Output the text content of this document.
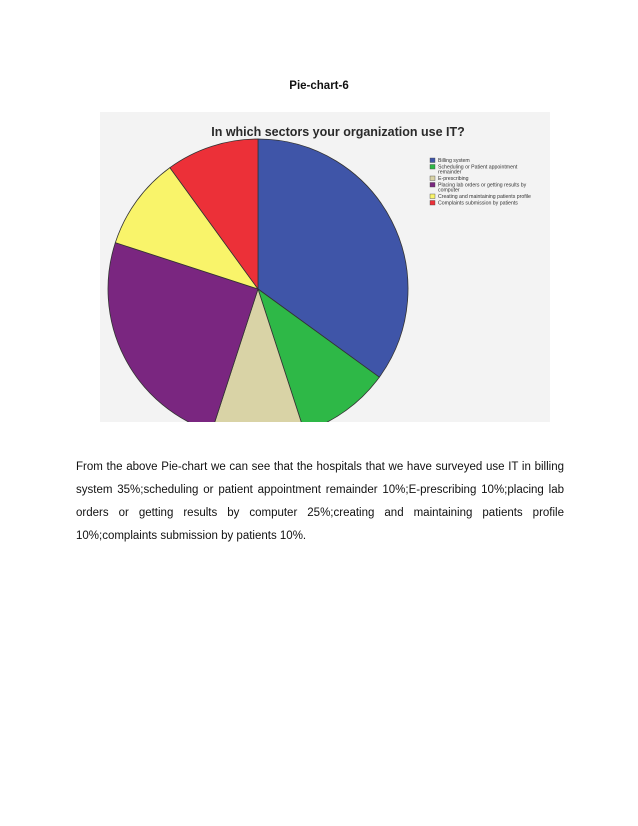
Pie-chart-6
In which sectors your organization use IT?
Billing system
Scheduling or Patient appointment
remainder
E-prescribing
Placing lab orders or getting results by
computer
Creating and maintaining patients profile
Complaints submission by patients

From the above Pie-chart we can see that the hospitals that we have surveyed use IT in billing system 35%;scheduling or patient appointment remainder 10%;E-prescribing 10%;placing lab orders or getting results by computer 25%;creating and maintaining patients profile 10%;complaints submission by patients 10%.
